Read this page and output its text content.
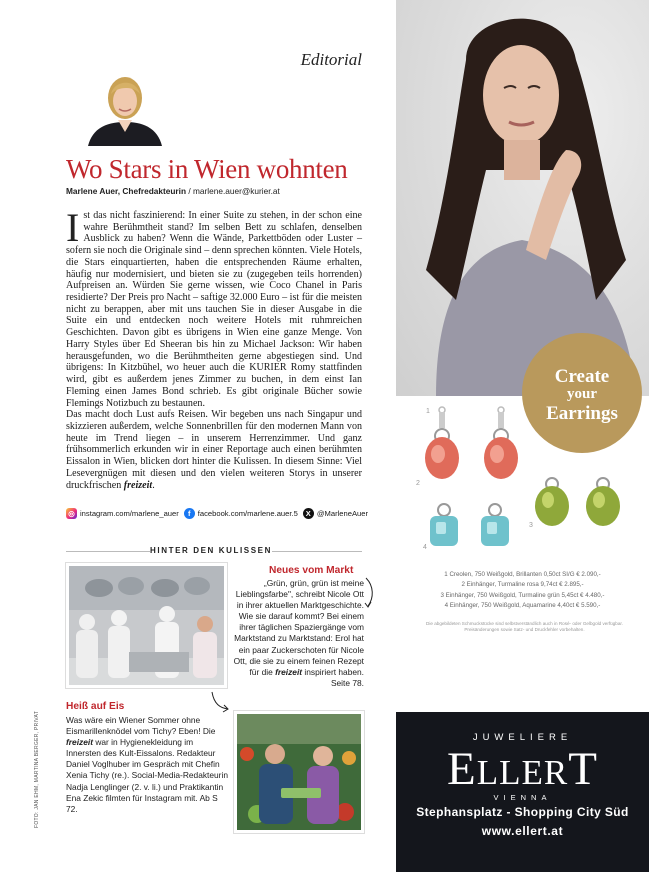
Editorial
Wo Stars in Wien wohnten
Marlene Auer, Chefredakteurin / marlene.auer@kurier.at
Ist das nicht faszinierend: In einer Suite zu stehen, in der schon eine wahre Berühmtheit stand? Im selben Bett zu schlafen, denselben Ausblick zu haben? Wenn die Wände, Parkettböden oder Luster – sofern sie noch die Originale sind – denn sprechen könnten. Viele Hotels, die Stars einquartierten, haben die entsprechenden Räume erhalten, häufig nur modernisiert, und bieten sie zu (zugegeben teils horrenden) Aufpreisen an. Würden Sie gerne wissen, wie Coco Chanel in Paris residierte? Der Preis pro Nacht – saftige 32.000 Euro – ist für die meisten nicht zu berappen, aber mit uns tauchen Sie in dieser Ausgabe in die Suite ein und entdecken noch weitere Hotels mit ruhmreichen Geschichten. Davon gibt es übrigens in Wien eine ganze Menge. Von Harry Styles über Ed Sheeran bis hin zu Michael Jackson: Wir haben herausgefunden, wo die Berühmtheiten gerne abgestiegen sind. Und übrigens: In Kitzbühel, wo heuer auch die KURIER Romy stattfinden wird, gibt es außerdem jenes Zimmer zu buchen, in dem einst Ian Fleming einen James Bond schrieb. Es gibt originale Bücher sowie Flemings Notizbuch zu bestaunen.
Das macht doch Lust aufs Reisen. Wir begeben uns nach Singapur und skizzieren außerdem, welche Sonnenbrillen für den modernen Mann von heute im Trend liegen – in unserem Herrenzimmer. Und ganz frühsommerlich erkunden wir in einer Reportage auch einen berühmten Eissalon in Wien, blicken dort hinter die Kulissen. In diesem Sinne: Viel Lesevergnügen mit diesen und den vielen weiteren Storys in unserer druckfrischen freizeit.
◎ instagram.com/marlene_auer	f facebook.com/marlene.auer.5	X @MarleneAuer
HINTER DEN KULISSEN
Neues vom Markt
„Grün, grün, grün ist meine Lieblingsfarbe", schreibt Nicole Ott in ihrer aktuellen Marktgeschichte. Wie sie darauf kommt? Bei einem ihrer täglichen Spaziergänge vom Marktstand zu Marktstand: Erol hat ein paar Zuckerschoten für Nicole Ott, die sie zu einem feinen Rezept für die freizeit inspiriert haben. Seite 78.
Heiß auf Eis
Was wäre ein Wiener Sommer ohne Eismarillenknödel vom Tichy? Eben! Die freizeit war in Hygienekleidung im Innersten des Kult-Eissalons. Redakteur Daniel Voglhuber im Gespräch mit Chefin Xenia Tichy (re.). Social-Media-Redakteurin Nadja Lenglinger (2. v. li.) und Praktikantin Ena Zekic filmten für Instagram mit. Ab S 72.
FOTO: JAN EHM, MARTINA BERGER, PRIVAT
1
2
3
4
1 Creolen, 750 Weißgold, Brillanten 0,50ct SI/G € 2.090,-
2 Einhänger, Turmaline rosa 9,74ct € 2.895,-
3 Einhänger, 750 Weißgold, Turmaline grün 5,45ct € 4.480,-
4 Einhänger, 750 Weißgold, Aquamarine 4,40ct € 5.590,-
Die abgebildeten Schmuckstücke sind selbstverständlich auch in Rosé- oder Gelbgold verfügbar. Preisänderungen sowie Satz- und Druckfehler vorbehalten.
Create
your
Earrings
JUWELIERE
ELLERT
VIENNA
Stephansplatz - Shopping City Süd
www.ellert.at
